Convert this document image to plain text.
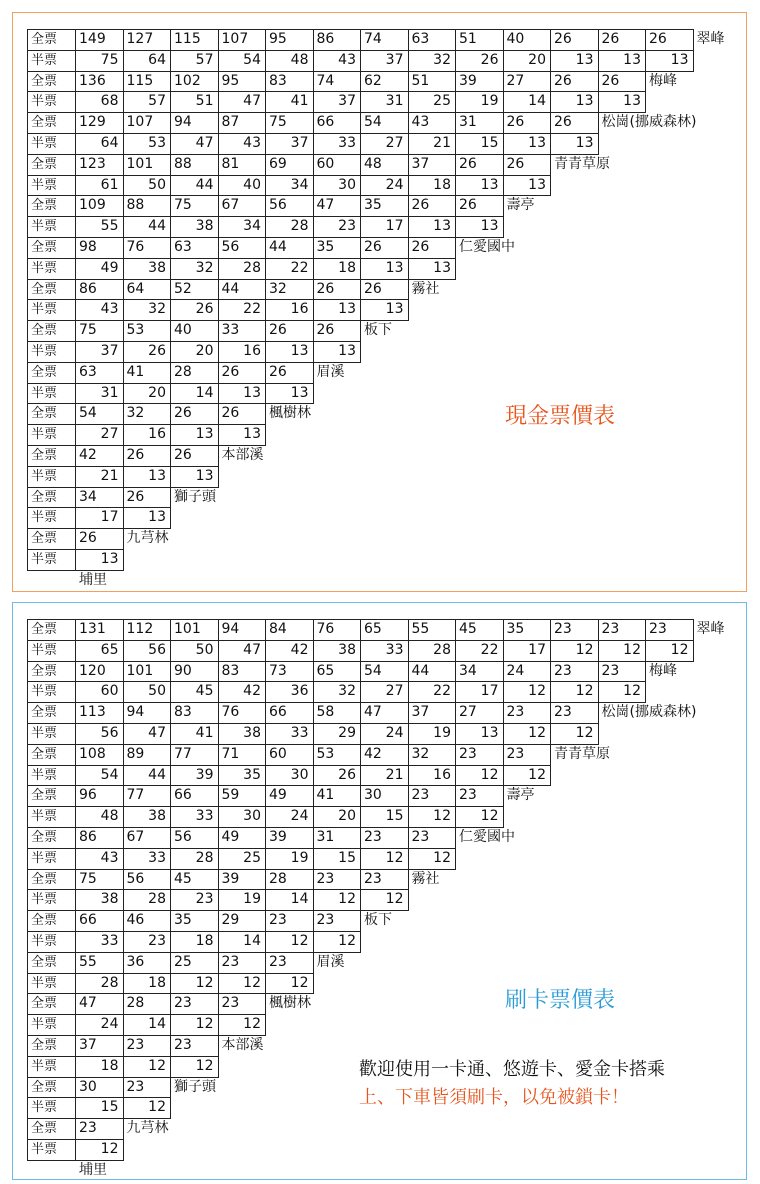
現金票價表
全票
半票
149
75
127
64
115
57
107
54
95
48
86
43
74
37
63
32
51
26
40
20
26
13
26
13
26
13
翠峰
全票
半票
136
68
115
57
102
51
95
47
83
41
74
37
62
31
51
25
39
19
27
14
26
13
26
13
梅峰
全票
半票
129
64
107
53
94
47
87
43
75
37
66
33
54
27
43
21
31
15
26
13
26
13
松崗(挪威森林)
全票
半票
123
61
101
50
88
44
81
40
69
34
60
30
48
24
37
18
26
13
26
13
青青草原
全票
半票
109
55
88
44
75
38
67
34
56
28
47
23
35
17
26
13
26
13
壽亭
全票
半票
98
49
76
38
63
32
56
28
44
22
35
18
26
13
26
13
仁愛國中
全票
半票
86
43
64
32
52
26
44
22
32
16
26
13
26
13
霧社
全票
半票
75
37
53
26
40
20
33
16
26
13
26
13
板下
全票
半票
63
31
41
20
28
14
26
13
26
13
眉溪
全票
半票
54
27
32
16
26
13
26
13
楓樹林
全票
半票
42
21
26
13
26
13
本部溪
全票
半票
34
17
26
13
獅子頭
全票
半票
26
13
九芎林
埔里
刷卡票價表
歡迎使用一卡通、悠遊卡、愛金卡搭乘
上、下車皆須刷卡，以免被鎖卡！
全票
半票
131
65
112
56
101
50
94
47
84
42
76
38
65
33
55
28
45
22
35
17
23
12
23
12
23
12
翠峰
全票
半票
120
60
101
50
90
45
83
42
73
36
65
32
54
27
44
22
34
17
24
12
23
12
23
12
梅峰
全票
半票
113
56
94
47
83
41
76
38
66
33
58
29
47
24
37
19
27
13
23
12
23
12
松崗(挪威森林)
全票
半票
108
54
89
44
77
39
71
35
60
30
53
26
42
21
32
16
23
12
23
12
青青草原
全票
半票
96
48
77
38
66
33
59
30
49
24
41
20
30
15
23
12
23
12
壽亭
全票
半票
86
43
67
33
56
28
49
25
39
19
31
15
23
12
23
12
仁愛國中
全票
半票
75
38
56
28
45
23
39
19
28
14
23
12
23
12
霧社
全票
半票
66
33
46
23
35
18
29
14
23
12
23
12
板下
全票
半票
55
28
36
18
25
12
23
12
23
12
眉溪
全票
半票
47
24
28
14
23
12
23
12
楓樹林
全票
半票
37
18
23
12
23
12
本部溪
全票
半票
30
15
23
12
獅子頭
全票
半票
23
12
九芎林
埔里
